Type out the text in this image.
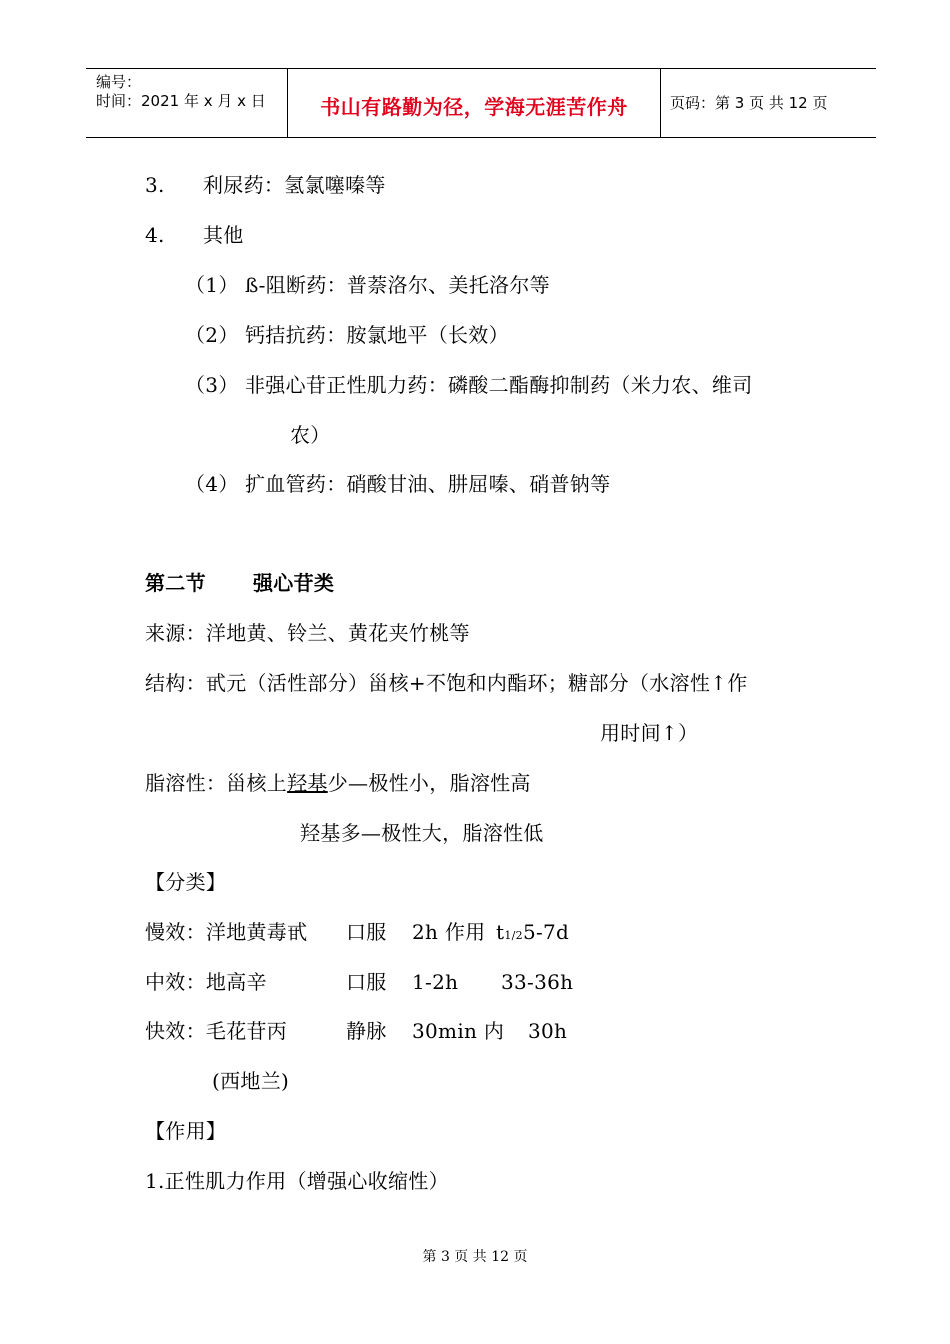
编号：
时间：2021 年 x 月 x 日	书山有路勤为径，学海无涯苦作舟	页码：第 3 页 共 12 页
3. 利尿药：氢氯噻嗪等
4. 其他
（1） ß-阻断药：普萘洛尔、美托洛尔等
（2） 钙拮抗药：胺氯地平（长效）
（3） 非强心苷正性肌力药：磷酸二酯酶抑制药（米力农、维司
农）
（4） 扩血管药：硝酸甘油、肼屈嗪、硝普钠等
第二节 强心苷类
来源：洋地黄、铃兰、黄花夹竹桃等
结构：甙元（活性部分）甾核+不饱和内酯环；糖部分（水溶性↑作
用时间↑）
脂溶性：甾核上羟基少—极性小，脂溶性高
羟基多—极性大，脂溶性低
【分类】
慢效：洋地黄毒甙 口服 2h 作用 t1/25-7d
中效：地高辛	口服 1-2h 33-36h
快效：毛花苷丙	静脉 30min 内 30h
(西地兰)
【作用】
1.正性肌力作用（增强心收缩性）
第 3 页 共 12 页
